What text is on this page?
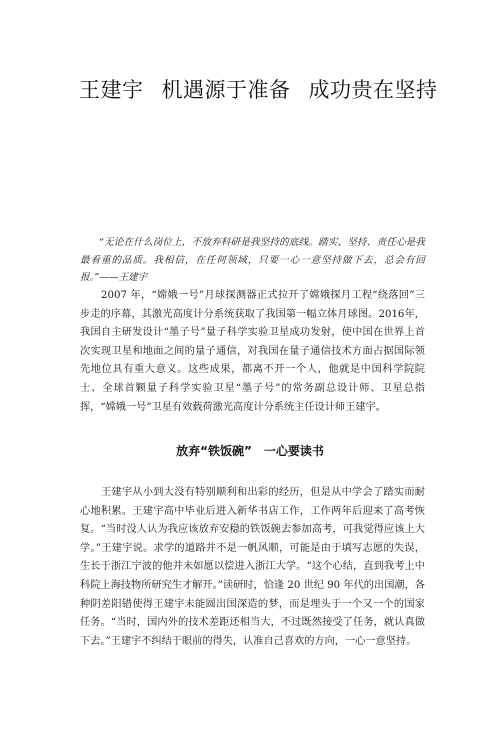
王建宇 机遇源于准备 成功贵在坚持
“无论在什么岗位上，不放弃科研是我坚持的底线。踏实、坚持、责任心是我最看重的品质。我相信，在任何领域，只要一心一意坚持做下去，总会有回报。”——王建宇

2007 年，“嫦娥一号”月球探测器正式拉开了嫦娥探月工程“绕落回”三步走的序幕，其激光高度计分系统获取了我国第一幅立体月球图。2016年，我国自主研发设计“墨子号”量子科学实验卫星成功发射，使中国在世界上首次实现卫星和地面之间的量子通信，对我国在量子通信技术方面占据国际领先地位具有重大意义。这些成果，都离不开一个人，他就是中国科学院院士、全球首颗量子科学实验卫星“墨子号”的常务副总设计师、卫星总指挥，“嫦娥一号”卫星有效载荷激光高度计分系统主任设计师王建宇。

放弃“铁饭碗” 一心要读书

王建宇从小到大没有特别顺利和出彩的经历，但是从中学会了踏实而耐心地积累。王建宇高中毕业后进入新华书店工作，工作两年后迎来了高考恢复。“当时没人认为我应该放弃安稳的铁饭碗去参加高考，可我觉得应该上大学。”王建宇说。求学的道路并不是一帆风顺，可能是由于填写志愿的失误，生长于浙江宁波的他并未如愿以偿进入浙江大学。“这个心结，直到我考上中科院上海技物所研究生才解开。”读研时，恰逢 20 世纪 90 年代的出国潮，各种阴差阳错使得王建宇未能圆出国深造的梦，而是埋头于一个又一个的国家任务。“当时，国内外的技术差距还相当大，不过既然接受了任务，就认真做下去。”王建宇不纠结于眼前的得失，认准自己喜欢的方向，一心一意坚持。
